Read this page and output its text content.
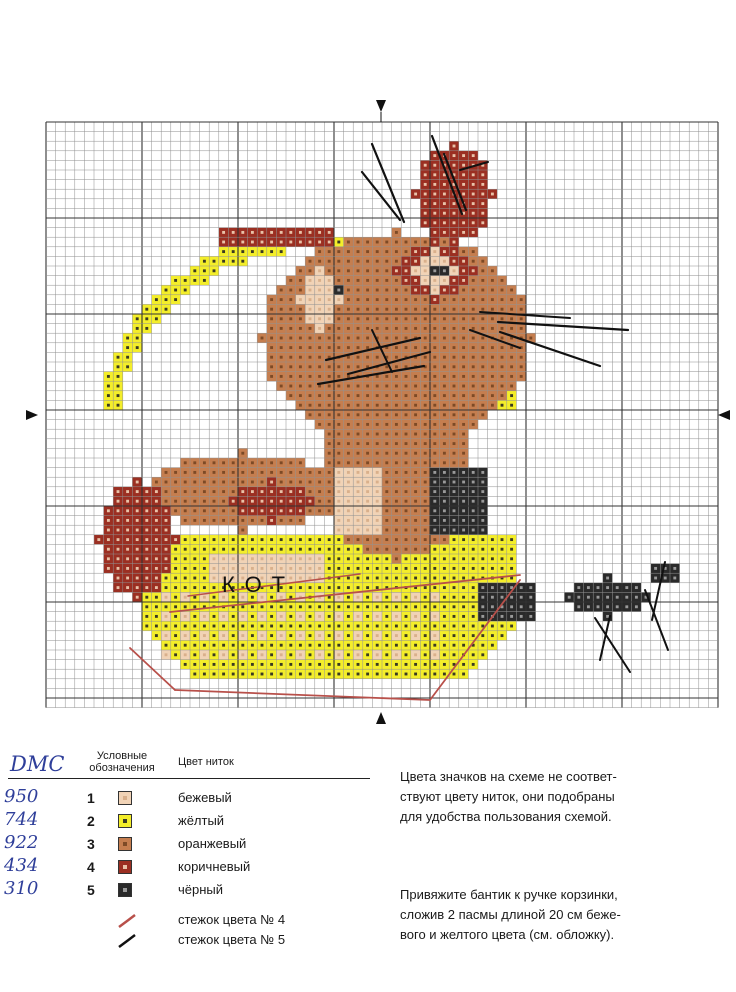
КОТ
DMC	Условные
обозначения	Цвет ниток
950	1	бежевый
744	2	жёлтый
922	3	оранжевый
434	4	коричневый
310	5	чёрный
стежок цвета № 4
стежок цвета № 5
Цвета значков на схеме не соответ-
ствуют цвету ниток, они подобраны
для удобства пользования схемой.
Привяжите бантик к ручке корзинки,
сложив 2 пасмы длиной 20 см беже-
вого и желтого цвета (см. обложку).
